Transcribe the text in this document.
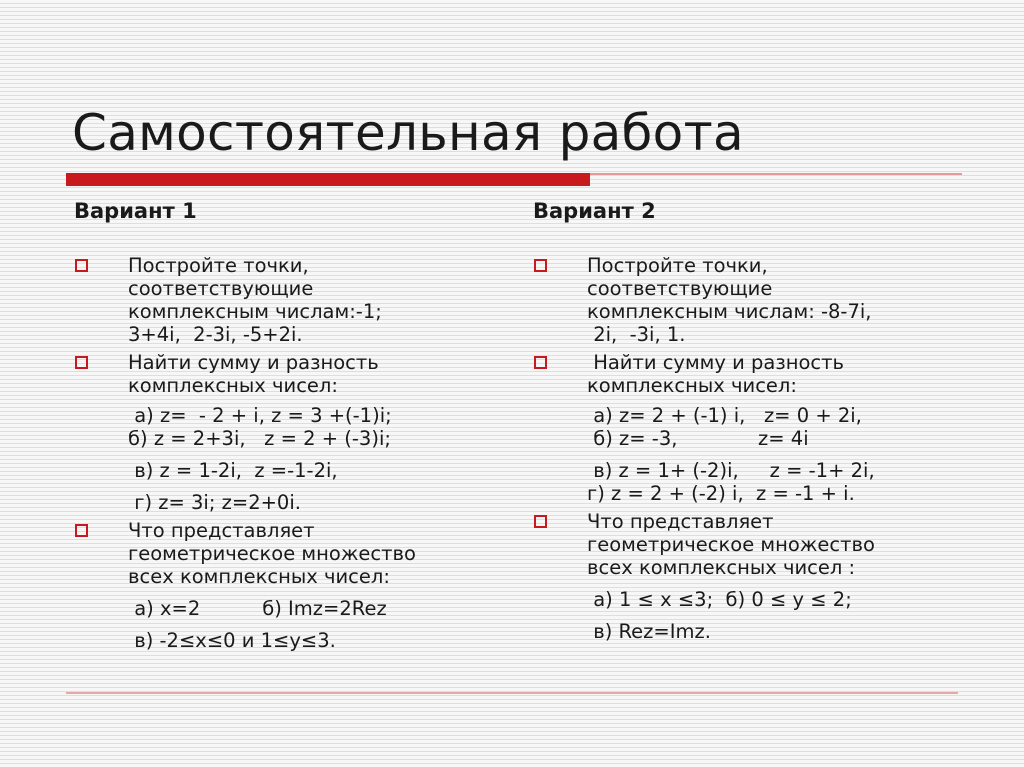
Самостоятельная работа
Вариант 1
Постройте точки,
соответствующие
комплексным числам:-1;
3+4i,  2-3i, -5+2i.
Найти сумму и разность
комплексных чисел:
а) z=  - 2 + i, z = 3 +(-1)i;
б) z = 2+3i,   z = 2 + (-3)i;
в) z = 1-2i,  z =-1-2i,
г) z= 3i; z=2+0i.
Что представляет
геометрическое множество
всех комплексных чисел:
а) x=2          б) Imz=2Rez
в) -2≤x≤0 и 1≤y≤3.
Вариант 2
Постройте точки,
соответствующие
комплексным числам: -8-7i,
2i,  -3i, 1.
Найти сумму и разность
комплексных чисел:
а) z= 2 + (-1) i,   z= 0 + 2i,
б) z= -3,             z= 4i
в) z = 1+ (-2)i,     z = -1+ 2i,
г) z = 2 + (-2) i,  z = -1 + i.
Что представляет
геометрическое множество
всех комплексных чисел :
а) 1 ≤ x ≤3;  б) 0 ≤ y ≤ 2;
в) Rez=Imz.
